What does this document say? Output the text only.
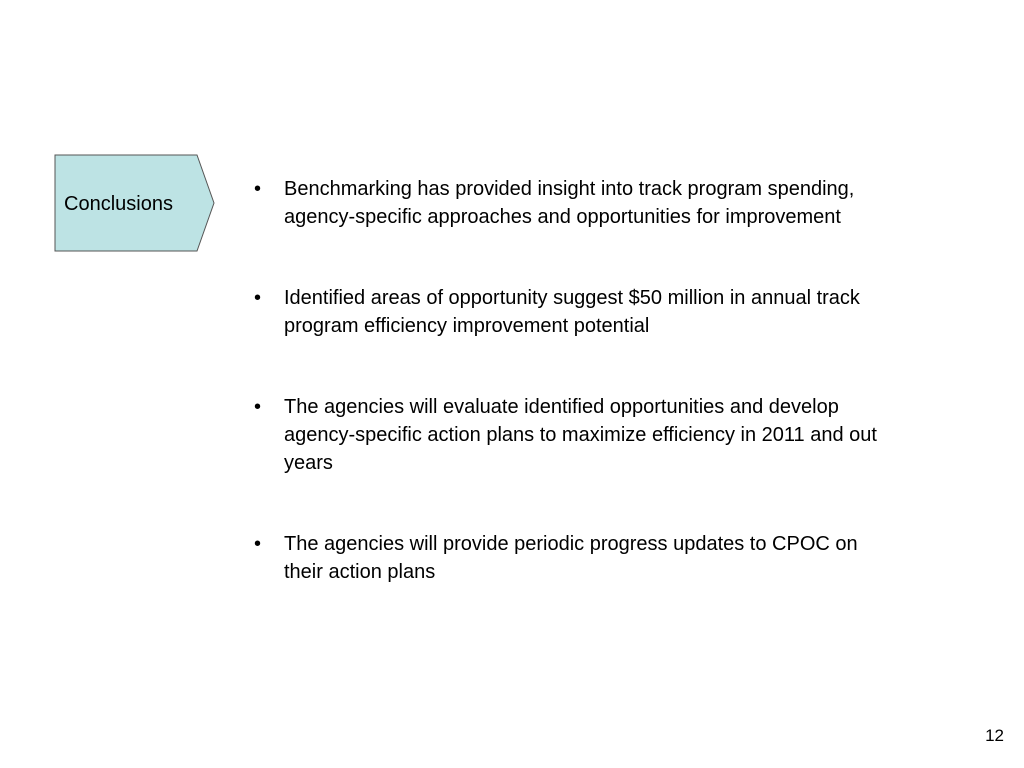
Conclusions
•	Benchmarking has provided insight into track program spending,
agency-specific approaches and opportunities for improvement
•	Identified areas of opportunity suggest $50 million in annual track
program efficiency improvement potential
•	The agencies will evaluate identified opportunities and develop
agency-specific action plans to maximize efficiency in 2011 and out
years
•	The agencies will provide periodic progress updates to CPOC on
their action plans
12
